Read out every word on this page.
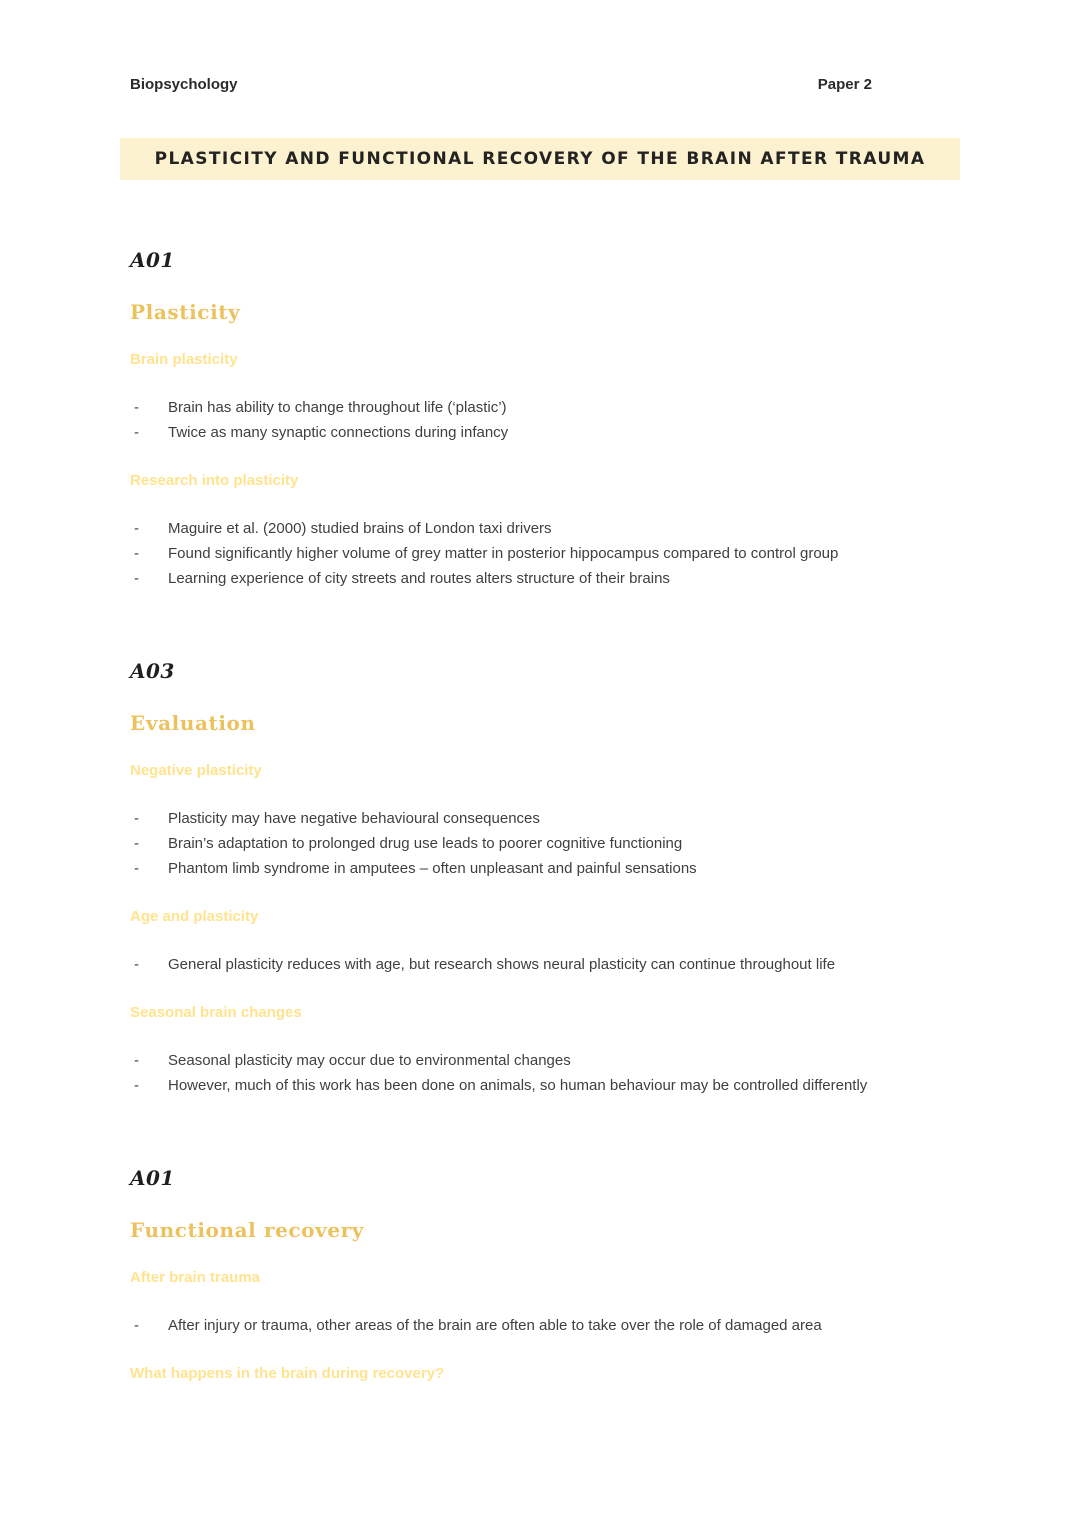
Biopsychology	Paper 2
PLASTICITY AND FUNCTIONAL RECOVERY OF THE BRAIN AFTER TRAUMA
A01
Plasticity
Brain plasticity
- Brain has ability to change throughout life (‘plastic’)
- Twice as many synaptic connections during infancy
Research into plasticity
- Maguire et al. (2000) studied brains of London taxi drivers
- Found significantly higher volume of grey matter in posterior hippocampus compared to control group
- Learning experience of city streets and routes alters structure of their brains
A03
Evaluation
Negative plasticity
- Plasticity may have negative behavioural consequences
- Brain’s adaptation to prolonged drug use leads to poorer cognitive functioning
- Phantom limb syndrome in amputees – often unpleasant and painful sensations
Age and plasticity
- General plasticity reduces with age, but research shows neural plasticity can continue throughout life
Seasonal brain changes
- Seasonal plasticity may occur due to environmental changes
- However, much of this work has been done on animals, so human behaviour may be controlled differently
A01
Functional recovery
After brain trauma
- After injury or trauma, other areas of the brain are often able to take over the role of damaged area
What happens in the brain during recovery?
